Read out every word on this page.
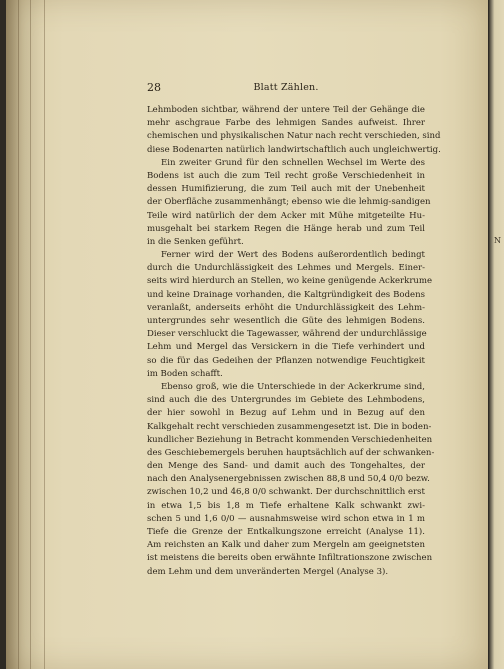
N
28	Blatt Zählen.
Lehmboden sichtbar, während der untere Teil der Gehänge die
mehr aschgraue Farbe des lehmigen Sandes aufweist. Ihrer
chemischen und physikalischen Natur nach recht verschieden, sind
diese Bodenarten natürlich landwirtschaftlich auch ungleichwertig.
Ein zweiter Grund für den schnellen Wechsel im Werte des
Bodens ist auch die zum Teil recht große Verschiedenheit in
dessen Humifizierung, die zum Teil auch mit der Unebenheit
der Oberfläche zusammenhängt; ebenso wie die lehmig-sandigen
Teile wird natürlich der dem Acker mit Mühe mitgeteilte Hu-
musgehalt bei starkem Regen die Hänge herab und zum Teil
in die Senken geführt.
Ferner wird der Wert des Bodens außerordentlich bedingt
durch die Undurchlässigkeit des Lehmes und Mergels. Einer-
seits wird hierdurch an Stellen, wo keine genügende Ackerkrume
und keine Drainage vorhanden, die Kaltgründigkeit des Bodens
veranlaßt, anderseits erhöht die Undurchlässigkeit des Lehm-
untergrundes sehr wesentlich die Güte des lehmigen Bodens.
Dieser verschluckt die Tagewasser, während der undurchlässige
Lehm und Mergel das Versickern in die Tiefe verhindert und
so die für das Gedeihen der Pflanzen notwendige Feuchtigkeit
im Boden schafft.
Ebenso groß, wie die Unterschiede in der Ackerkrume sind,
sind auch die des Untergrundes im Gebiete des Lehmbodens,
der hier sowohl in Bezug auf Lehm und in Bezug auf den
Kalkgehalt recht verschieden zusammengesetzt ist. Die in boden-
kundlicher Beziehung in Betracht kommenden Verschiedenheiten
des Geschiebemergels beruhen hauptsächlich auf der schwanken-
den Menge des Sand- und damit auch des Tongehaltes, der
nach den Analysenergebnissen zwischen 88,8 und 50,4 0/0 bezw.
zwischen 10,2 und 46,8 0/0 schwankt. Der durchschnittlich erst
in etwa 1,5 bis 1,8 m Tiefe erhaltene Kalk schwankt zwi-
schen 5 und 1,6 0/0 — ausnahmsweise wird schon etwa in 1 m
Tiefe die Grenze der Entkalkungszone erreicht (Analyse 11).
Am reichsten an Kalk und daher zum Mergeln am geeignetsten
ist meistens die bereits oben erwähnte Infiltrationszone zwischen
dem Lehm und dem unveränderten Mergel (Analyse 3).
